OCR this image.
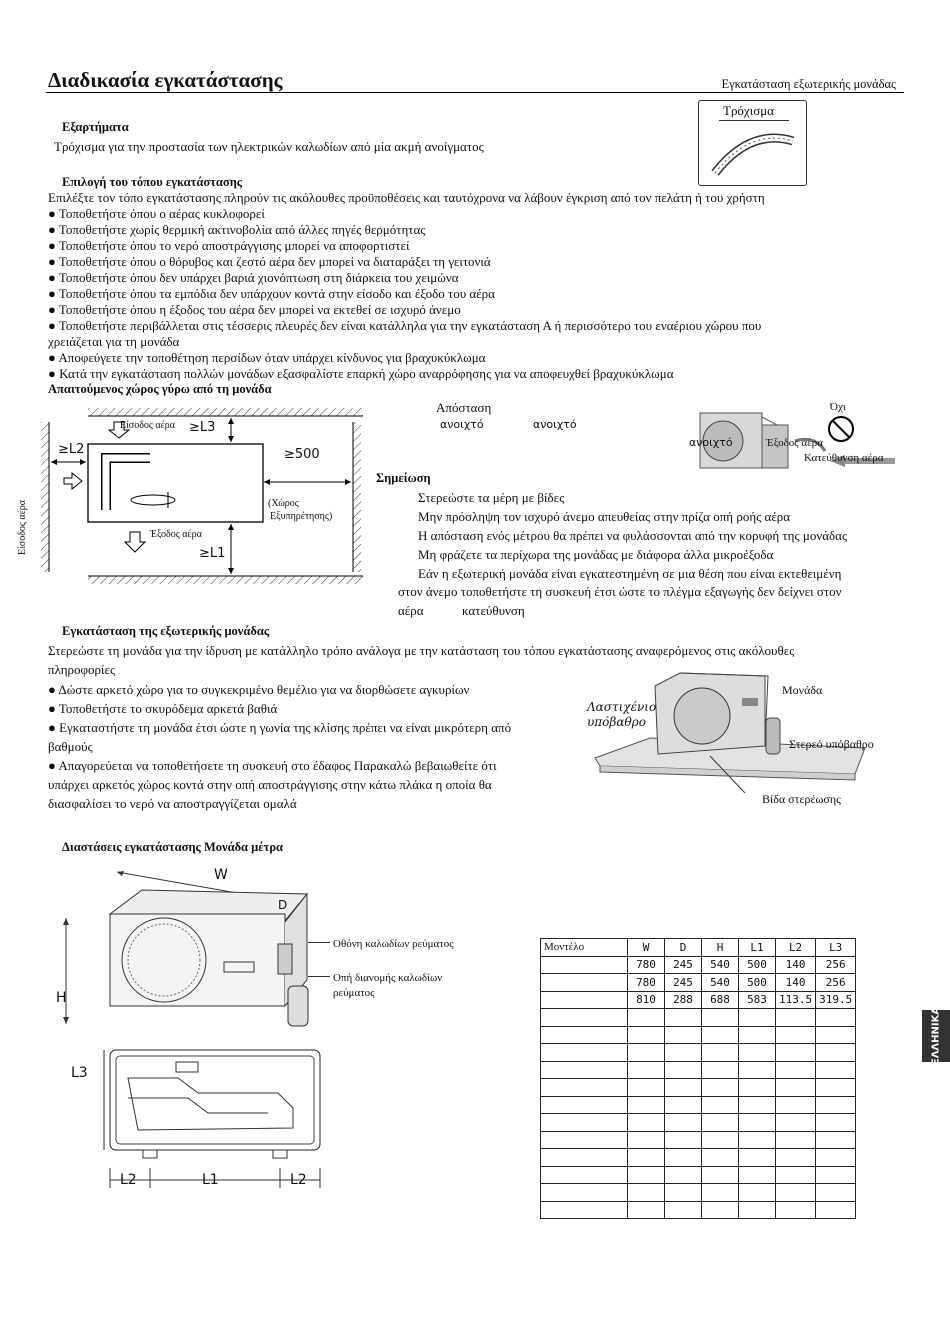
Διαδικασία εγκατάστασης	Εγκατάσταση εξωτερικής μονάδας
Εξαρτήματα
Τρόχισμα για την προστασία των ηλεκτρικών καλωδίων από μία ακμή ανοίγματος
Τρόχισμα
Επιλογή του τόπου εγκατάστασης
Επιλέξτε τον τόπο εγκατάστασης πληρούν τις ακόλουθες προϋποθέσεις και ταυτόχρονα να λάβουν έγκριση από τον πελάτη ή του χρήστη
● Τοποθετήστε όπου ο αέρας κυκλοφορεί
● Τοποθετήστε χωρίς θερμική ακτινοβολία από άλλες πηγές θερμότητας
● Τοποθετήστε όπου το νερό αποστράγγισης μπορεί να αποφορτιστεί
● Τοποθετήστε όπου ο θόρυβος και ζεστό αέρα δεν μπορεί να διαταράξει τη γειτονιά
● Τοποθετήστε όπου δεν υπάρχει βαριά χιονόπτωση στη διάρκεια του χειμώνα
● Τοποθετήστε όπου τα εμπόδια δεν υπάρχουν κοντά στην είσοδο και έξοδο του αέρα
● Τοποθετήστε όπου η έξοδος του αέρα δεν μπορεί να εκτεθεί σε ισχυρό άνεμο
● Τοποθετήστε περιβάλλεται στις τέσσερις πλευρές δεν είναι κατάλληλα για την εγκατάσταση Α ή περισσότερο του εναέριου χώρου που
χρειάζεται για τη μονάδα
● Αποφεύγετε την τοποθέτηση περσίδων όταν υπάρχει κίνδυνος για βραχυκύκλωμα
● Κατά την εγκατάσταση πολλών μονάδων εξασφαλίστε επαρκή χώρο αναρρόφησης για να αποφευχθεί βραχυκύκλωμα
Απαιτούμενος χώρος γύρω από τη μονάδα
Είσοδος αέρα ≥L3
≥L2	≥500
Είσοδος αέρα	Έξοδος αέρα
≥L1
(Χώρος
Εξυπηρέτησης)
Απόσταση
ανοιχτό	ανοιχτό
Όχι
ανοιχτό	Έξοδος αέρα
Κατεύθυνση αέρα
Σημείωση
Στερεώστε τα μέρη με βίδες
Μην πρόσληψη τον ισχυρό άνεμο απευθείας στην πρίζα οπή ροής αέρα
Η απόσταση ενός μέτρου θα πρέπει να φυλάσσονται από την κορυφή της μονάδας
Μη φράζετε τα περίχωρα της μονάδας με διάφορα άλλα μικροέξοδα
Εάν η εξωτερική μονάδα είναι εγκατεστημένη σε μια θέση που είναι εκτεθειμένη
στον άνεμο τοποθετήστε τη συσκευή έτσι ώστε το πλέγμα εξαγωγής δεν δείχνει στον
αέρα	κατεύθυνση
Εγκατάσταση της εξωτερικής μονάδας
Στερεώστε τη μονάδα για την ίδρυση με κατάλληλο τρόπο ανάλογα με την κατάσταση του τόπου εγκατάστασης αναφερόμενος στις ακόλουθες
πληροφορίες
● Δώστε αρκετό χώρο για το συγκεκριμένο θεμέλιο για να διορθώσετε αγκυρίων
● Τοποθετήστε το σκυρόδεμα αρκετά βαθιά
● Εγκαταστήστε τη μονάδα έτσι ώστε η γωνία της κλίσης πρέπει να είναι μικρότερη από
βαθμούς
● Απαγορεύεται να τοποθετήσετε τη συσκευή στο έδαφος Παρακαλώ βεβαιωθείτε ότι
υπάρχει αρκετός χώρος κοντά στην οπή αποστράγγισης στην κάτω πλάκα η οποία θα
διασφαλίσει το νερό να αποστραγγίζεται ομαλά
Λαστιχένιο
υπόβαθρο
Μονάδα
Στερεό υπόβαθρο
Βίδα στερέωσης
Διαστάσεις εγκατάστασης Μονάδα μέτρα
W
D
H
Οθόνη καλωδίων ρεύματος
Οπή διανομής καλωδίων
ρεύματος
L3
L2	L1	L2
Μοντέλο	W	D	H	L1	L2	L3
	780	245	540	500	140	256
	780	245	540	500	140	256
	810	288	688	583	113.5	319.5

ΕΛΛΗΝΙΚΑ
